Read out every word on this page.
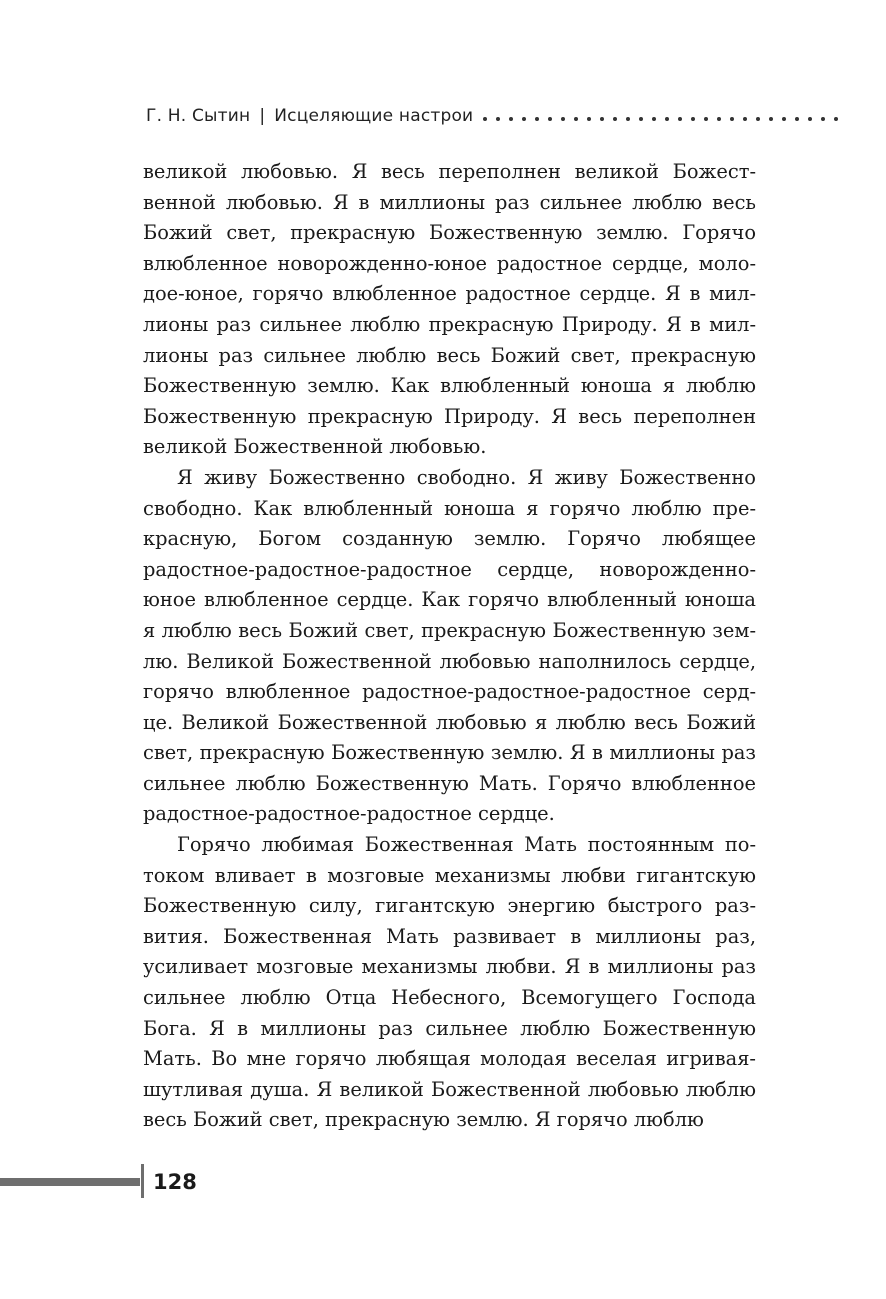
Г. Н. Сытин | Исцеляющие настрои

великой любовью. Я весь переполнен великой Божественной любовью. Я в миллионы раз сильнее люблю весь Божий свет, прекрасную Божественную землю. Горячо влюбленное новорожденно-юное радостное сердце, молодое-юное, горячо влюбленное радостное сердце. Я в миллионы раз сильнее люблю прекрасную Природу. Я в миллионы раз сильнее люблю весь Божий свет, прекрасную Божественную землю. Как влюбленный юноша я люблю Божественную прекрасную Природу. Я весь переполнен великой Божественной любовью.

Я живу Божественно свободно. Я живу Божественно свободно. Как влюбленный юноша я горячо люблю прекрасную, Богом созданную землю. Горячо любящее радостное-радостное-радостное сердце, новорожденно-юное влюбленное сердце. Как горячо влюбленный юноша я люблю весь Божий свет, прекрасную Божественную землю. Великой Божественной любовью наполнилось сердце, горячо влюбленное радостное-радостное-радостное сердце. Великой Божественной любовью я люблю весь Божий свет, прекрасную Божественную землю. Я в миллионы раз сильнее люблю Божественную Мать. Горячо влюбленное радостное-радостное-радостное сердце.

Горячо любимая Божественная Мать постоянным потоком вливает в мозговые механизмы любви гигантскую Божественную силу, гигантскую энергию быстрого развития. Божественная Мать развивает в миллионы раз, усиливает мозговые механизмы любви. Я в миллионы раз сильнее люблю Отца Небесного, Всемогущего Господа Бога. Я в миллионы раз сильнее люблю Божественную Мать. Во мне горячо любящая молодая веселая игривая-шутливая душа. Я великой Божественной любовью люблю весь Божий свет, прекрасную землю. Я горячо люблю

128
